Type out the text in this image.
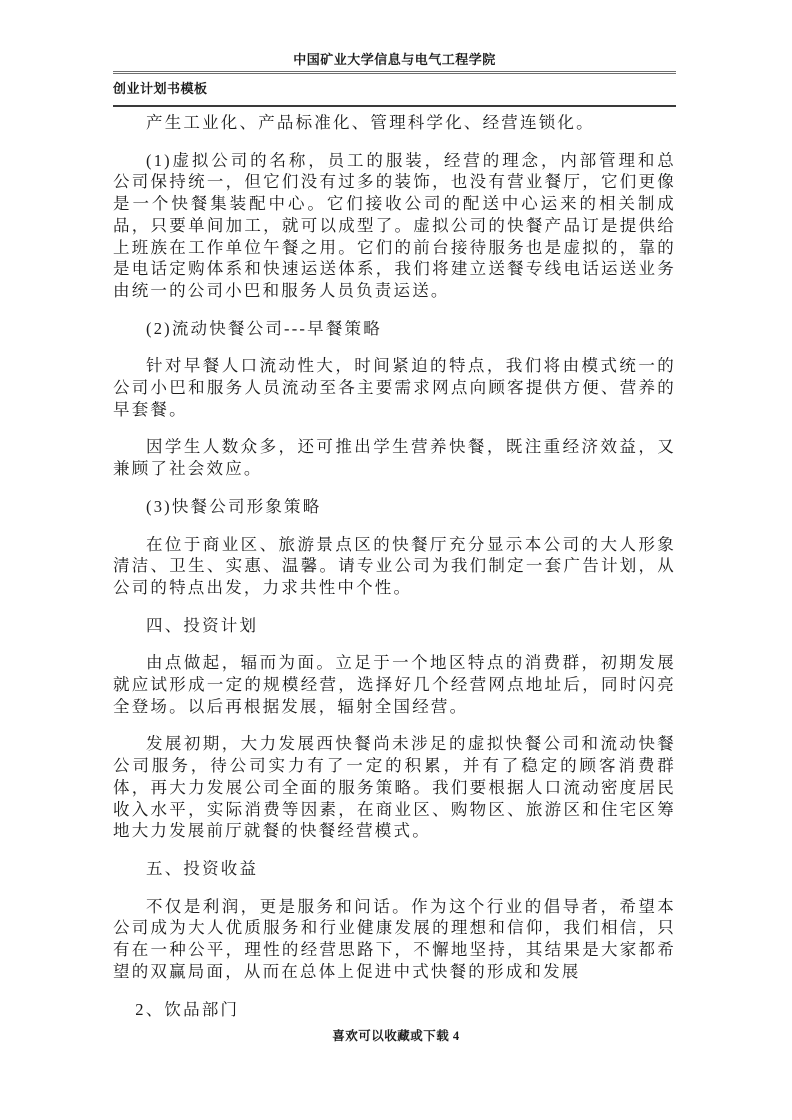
中国矿业大学信息与电气工程学院
创业计划书模板

产生工业化、产品标准化、管理科学化、经营连锁化。

(1)虚拟公司的名称，员工的服装，经营的理念，内部管理和总公司保持统一，但它们没有过多的装饰，也没有营业餐厅，它们更像是一个快餐集装配中心。它们接收公司的配送中心运来的相关制成品，只要单间加工，就可以成型了。虚拟公司的快餐产品订是提供给上班族在工作单位午餐之用。它们的前台接待服务也是虚拟的，靠的是电话定购体系和快速运送体系，我们将建立送餐专线电话运送业务由统一的公司小巴和服务人员负责运送。

(2)流动快餐公司---早餐策略

针对早餐人口流动性大，时间紧迫的特点，我们将由模式统一的公司小巴和服务人员流动至各主要需求网点向顾客提供方便、营养的早套餐。

因学生人数众多，还可推出学生营养快餐，既注重经济效益，又兼顾了社会效应。

(3)快餐公司形象策略

在位于商业区、旅游景点区的快餐厅充分显示本公司的大人形象清洁、卫生、实惠、温馨。请专业公司为我们制定一套广告计划，从公司的特点出发，力求共性中个性。

四、投资计划

由点做起，辐而为面。立足于一个地区特点的消费群，初期发展就应试形成一定的规模经营，选择好几个经营网点地址后，同时闪亮全登场。以后再根据发展，辐射全国经营。

发展初期，大力发展西快餐尚未涉足的虚拟快餐公司和流动快餐公司服务，待公司实力有了一定的积累，并有了稳定的顾客消费群体，再大力发展公司全面的服务策略。我们要根据人口流动密度居民收入水平，实际消费等因素，在商业区、购物区、旅游区和住宅区筹地大力发展前厅就餐的快餐经营模式。

五、投资收益

不仅是利润，更是服务和问话。作为这个行业的倡导者，希望本公司成为大人优质服务和行业健康发展的理想和信仰，我们相信，只有在一种公平，理性的经营思路下，不懈地坚持，其结果是大家都希望的双赢局面，从而在总体上促进中式快餐的形成和发展

2、饮品部门

喜欢可以收藏或下载 4
